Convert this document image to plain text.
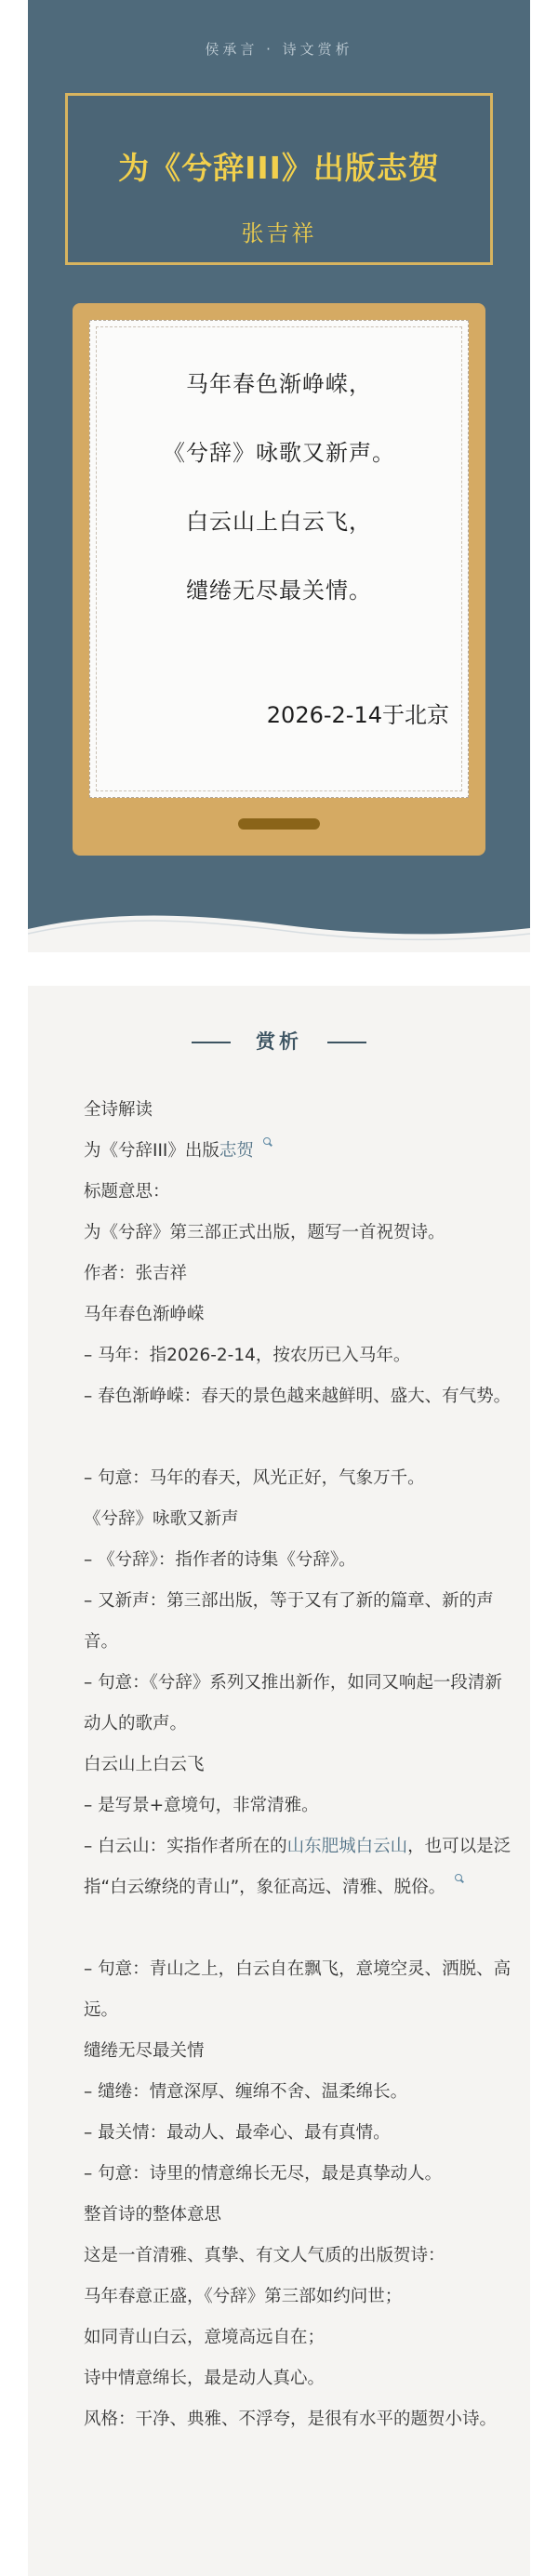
侯承言 · 诗文赏析
为《兮辞III》出版志贺
张吉祥
马年春色渐峥嵘，
《兮辞》咏歌又新声。
白云山上白云飞，
缱绻无尽最关情。
2026-2-14于北京
赏析
全诗解读
为《兮辞III》出版志贺
标题意思：
为《兮辞》第三部正式出版，题写一首祝贺诗。
作者：张吉祥
马年春色渐峥嵘
– 马年：指2026-2-14，按农历已入马年。
– 春色渐峥嵘：春天的景色越来越鲜明、盛大、有气势。
– 句意：马年的春天，风光正好，气象万千。
《兮辞》咏歌又新声
– 《兮辞》：指作者的诗集《兮辞》。
– 又新声：第三部出版，等于又有了新的篇章、新的声音。
– 句意：《兮辞》系列又推出新作，如同又响起一段清新动人的歌声。
白云山上白云飞
– 是写景+意境句，非常清雅。
– 白云山：实指作者所在的山东肥城白云山，也可以是泛指“白云缭绕的青山”，象征高远、清雅、脱俗。
– 句意：青山之上，白云自在飘飞，意境空灵、洒脱、高远。
缱绻无尽最关情
– 缱绻：情意深厚、缠绵不舍、温柔绵长。
– 最关情：最动人、最牵心、最有真情。
– 句意：诗里的情意绵长无尽，最是真挚动人。
整首诗的整体意思
这是一首清雅、真挚、有文人气质的出版贺诗：
马年春意正盛，《兮辞》第三部如约问世；
如同青山白云，意境高远自在；
诗中情意绵长，最是动人真心。
风格：干净、典雅、不浮夸，是很有水平的题贺小诗。
